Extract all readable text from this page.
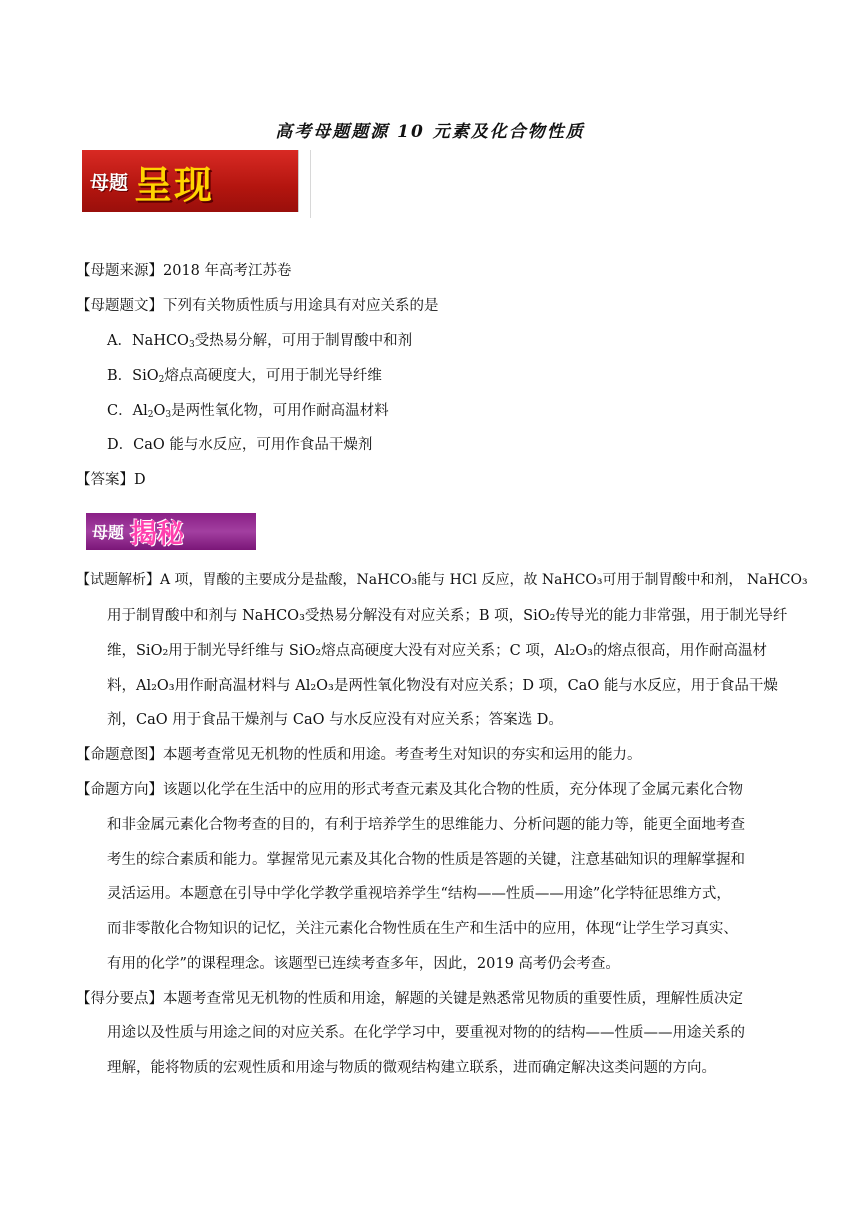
高考母题题源 10 元素及化合物性质
母题 呈现
【母题来源】2018 年高考江苏卷
【母题题文】下列有关物质性质与用途具有对应关系的是
A．NaHCO$_3$受热易分解，可用于制胃酸中和剂
B．SiO$_2$熔点高硬度大，可用于制光导纤维
C．$Al_2O_3$是两性氧化物，可用作耐高温材料
D．CaO 能与水反应，可用作食品干燥剂
【答案】D
母题 揭秘
【试题解析】A 项，胃酸的主要成分是盐酸，NaHCO₃能与 HCl 反应，故 NaHCO₃可用于制胃酸中和剂， NaHCO₃
用于制胃酸中和剂与 NaHCO₃受热易分解没有对应关系；B 项，SiO₂传导光的能力非常强，用于制光导纤
维，SiO₂用于制光导纤维与 SiO₂熔点高硬度大没有对应关系；C 项，Al₂O₃的熔点很高，用作耐高温材
料，Al₂O₃用作耐高温材料与 Al₂O₃是两性氧化物没有对应关系；D 项，CaO 能与水反应，用于食品干燥
剂，CaO 用于食品干燥剂与 CaO 与水反应没有对应关系；答案选 D。
【命题意图】本题考查常见无机物的性质和用途。考查考生对知识的夯实和运用的能力。
【命题方向】该题以化学在生活中的应用的形式考查元素及其化合物的性质，充分体现了金属元素化合物
和非金属元素化合物考查的目的，有利于培养学生的思维能力、分析问题的能力等，能更全面地考查
考生的综合素质和能力。掌握常见元素及其化合物的性质是答题的关键，注意基础知识的理解掌握和
灵活运用。本题意在引导中学化学教学重视培养学生“结构——性质——用途”化学特征思维方式，
而非零散化合物知识的记忆，关注元素化合物性质在生产和生活中的应用，体现“让学生学习真实、
有用的化学”的课程理念。该题型已连续考查多年，因此，2019 高考仍会考查。
【得分要点】本题考查常见无机物的性质和用途，解题的关键是熟悉常见物质的重要性质，理解性质决定
用途以及性质与用途之间的对应关系。在化学学习中，要重视对物的的结构——性质——用途关系的
理解，能将物质的宏观性质和用途与物质的微观结构建立联系，进而确定解决这类问题的方向。
